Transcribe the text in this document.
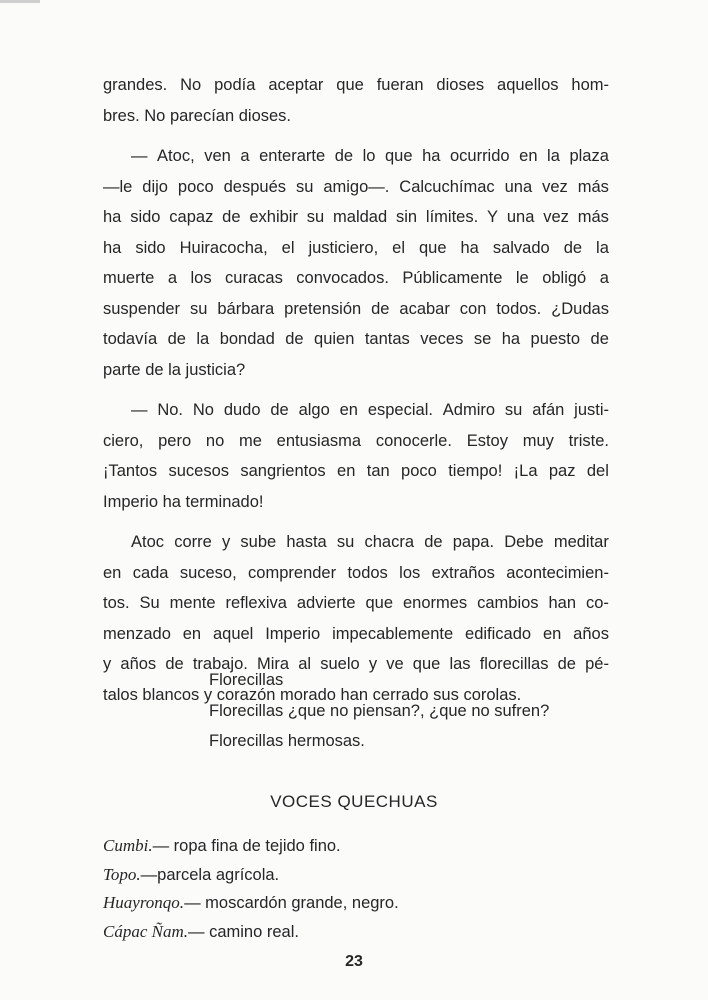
grandes. No podía aceptar que fueran dioses aquellos hom-
bres. No parecían dioses.
— Atoc, ven a enterarte de lo que ha ocurrido en la plaza
—le dijo poco después su amigo—. Calcuchímac una vez más
ha sido capaz de exhibir su maldad sin límites. Y una vez más
ha sido Huiracocha, el justiciero, el que ha salvado de la
muerte a los curacas convocados. Públicamente le obligó a
suspender su bárbara pretensión de acabar con todos. ¿Dudas
todavía de la bondad de quien tantas veces se ha puesto de
parte de la justicia?
— No. No dudo de algo en especial. Admiro su afán justi-
ciero, pero no me entusiasma conocerle. Estoy muy triste.
¡Tantos sucesos sangrientos en tan poco tiempo! ¡La paz del
Imperio ha terminado!
Atoc corre y sube hasta su chacra de papa. Debe meditar
en cada suceso, comprender todos los extraños acontecimien-
tos. Su mente reflexiva advierte que enormes cambios han co-
menzado en aquel Imperio impecablemente edificado en años
y años de trabajo. Mira al suelo y ve que las florecillas de pé-
talos blancos y corazón morado han cerrado sus corolas.
Florecillas
Florecillas ¿que no piensan?, ¿que no sufren?
Florecillas hermosas.
VOCES QUECHUAS
Cumbi.— ropa fina de tejido fino.
Topo.—parcela agrícola.
Huayronqo.— moscardón grande, negro.
Cápac Ñam.— camino real.
23
